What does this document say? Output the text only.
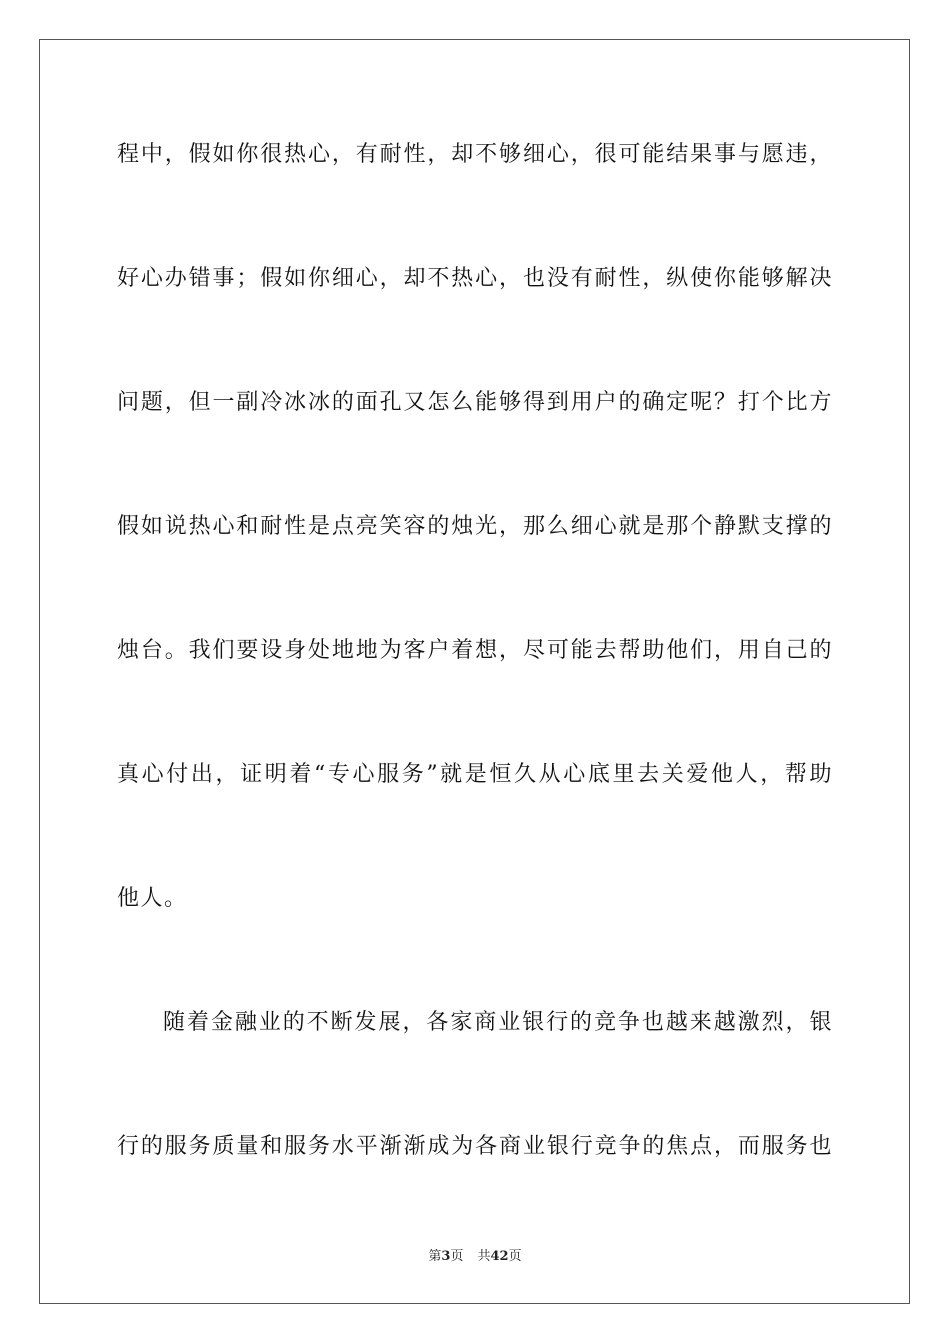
程中，假如你很热心，有耐性，却不够细心，很可能结果事与愿违，
好心办错事；假如你细心，却不热心，也没有耐性，纵使你能够解决
问题，但一副冷冰冰的面孔又怎么能够得到用户的确定呢？打个比方
假如说热心和耐性是点亮笑容的烛光，那么细心就是那个静默支撑的
烛台。我们要设身处地地为客户着想，尽可能去帮助他们，用自己的
真心付出，证明着“专心服务”就是恒久从心底里去关爱他人，帮助
他人。
随着金融业的不断发展，各家商业银行的竞争也越来越激烈，银
行的服务质量和服务水平渐渐成为各商业银行竞争的焦点，而服务也
第3页 共42页
